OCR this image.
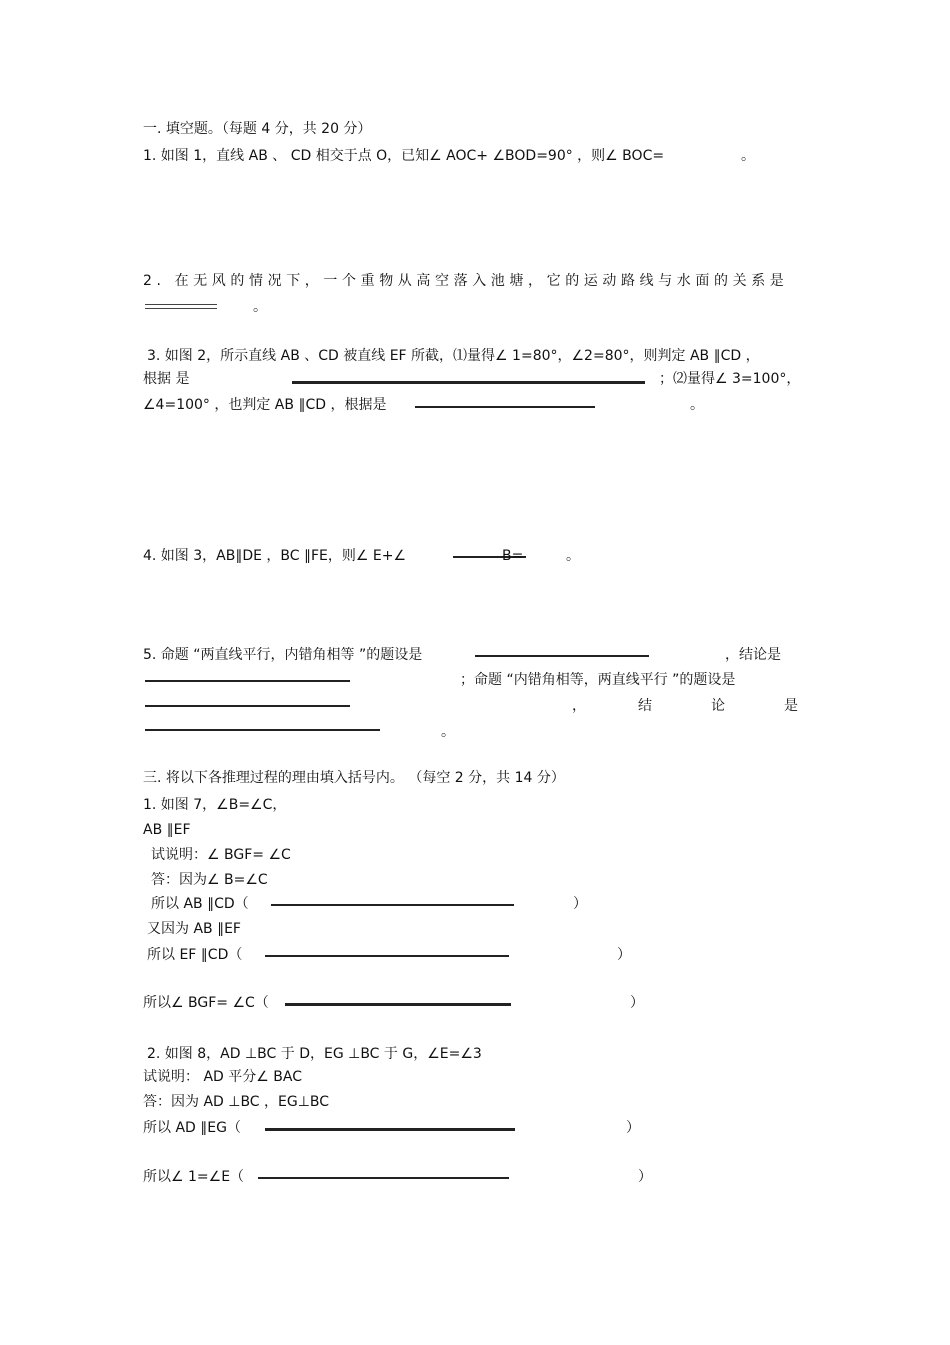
一. 填空题。（每题 4 分，共 20 分）
1. 如图 1，直线 AB 、 CD 相交于点 O，已知∠ AOC+ ∠BOD=90° ，则∠ BOC=	。
2. 在无风的情况下，一个重物从高空落入池塘，它的运动路线与水面的关系是
。
3. 如图 2，所示直线 AB 、CD 被直线 EF 所截，⑴量得∠ 1=80°，∠2=80°，则判定 AB ∥CD ，
根据 是	；⑵量得∠ 3=100°，
∠4=100° ，也判定 AB ∥CD ，根据是	。
4. 如图 3，AB∥DE ，BC ∥FE，则∠ E+∠	B=	。
5. 命题 “两直线平行，内错角相等 ”的题设是	，结论是
；命题 “内错角相等，两直线平行 ”的题设是
，	结	论	是
。
三. 将以下各推理过程的理由填入括号内。 （每空 2 分，共 14 分）
1. 如图 7，∠B=∠C，
AB ∥EF
试说明：∠ BGF= ∠C
答：因为∠ B=∠C
所以 AB ∥CD（	）
又因为 AB ∥EF
所以 EF ∥CD（	）
所以∠ BGF= ∠C（	）
2. 如图 8，AD ⊥BC 于 D，EG ⊥BC 于 G，∠E=∠3
试说明： AD 平分∠ BAC
答：因为 AD ⊥BC ，EG⊥BC
所以 AD ∥EG（	）
所以∠ 1=∠E（	）
